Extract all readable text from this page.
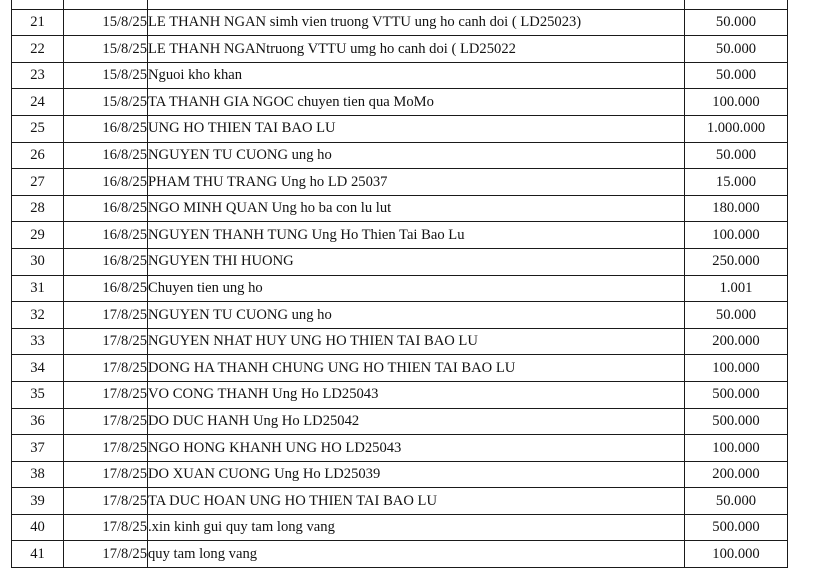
21	15/8/25	LE THANH NGAN simh vien truong VTTU ung ho canh doi ( LD25023)	50.000
22	15/8/25	LE THANH NGANtruong VTTU umg ho canh doi ( LD25022	50.000
23	15/8/25	Nguoi kho khan	50.000
24	15/8/25	TA THANH GIA NGOC chuyen tien qua MoMo	100.000
25	16/8/25	UNG HO THIEN TAI BAO LU	1.000.000
26	16/8/25	NGUYEN TU CUONG ung ho	50.000
27	16/8/25	PHAM THU TRANG Ung ho LD 25037	15.000
28	16/8/25	NGO MINH QUAN Ung ho ba con lu lut	180.000
29	16/8/25	NGUYEN THANH TUNG Ung Ho Thien Tai Bao Lu	100.000
30	16/8/25	NGUYEN THI HUONG	250.000
31	16/8/25	Chuyen tien ung ho	1.001
32	17/8/25	NGUYEN TU CUONG ung ho	50.000
33	17/8/25	NGUYEN NHAT HUY UNG HO THIEN TAI BAO LU	200.000
34	17/8/25	DONG HA THANH CHUNG UNG HO THIEN TAI BAO LU	100.000
35	17/8/25	VO CONG THANH Ung Ho LD25043	500.000
36	17/8/25	DO DUC HANH Ung Ho LD25042	500.000
37	17/8/25	NGO HONG KHANH UNG HO LD25043	100.000
38	17/8/25	DO XUAN CUONG Ung Ho LD25039	200.000
39	17/8/25	TA DUC HOAN UNG HO THIEN TAI BAO LU	50.000
40	17/8/25	.xin kinh gui quy tam long vang	500.000
41	17/8/25	quy tam long vang	100.000
